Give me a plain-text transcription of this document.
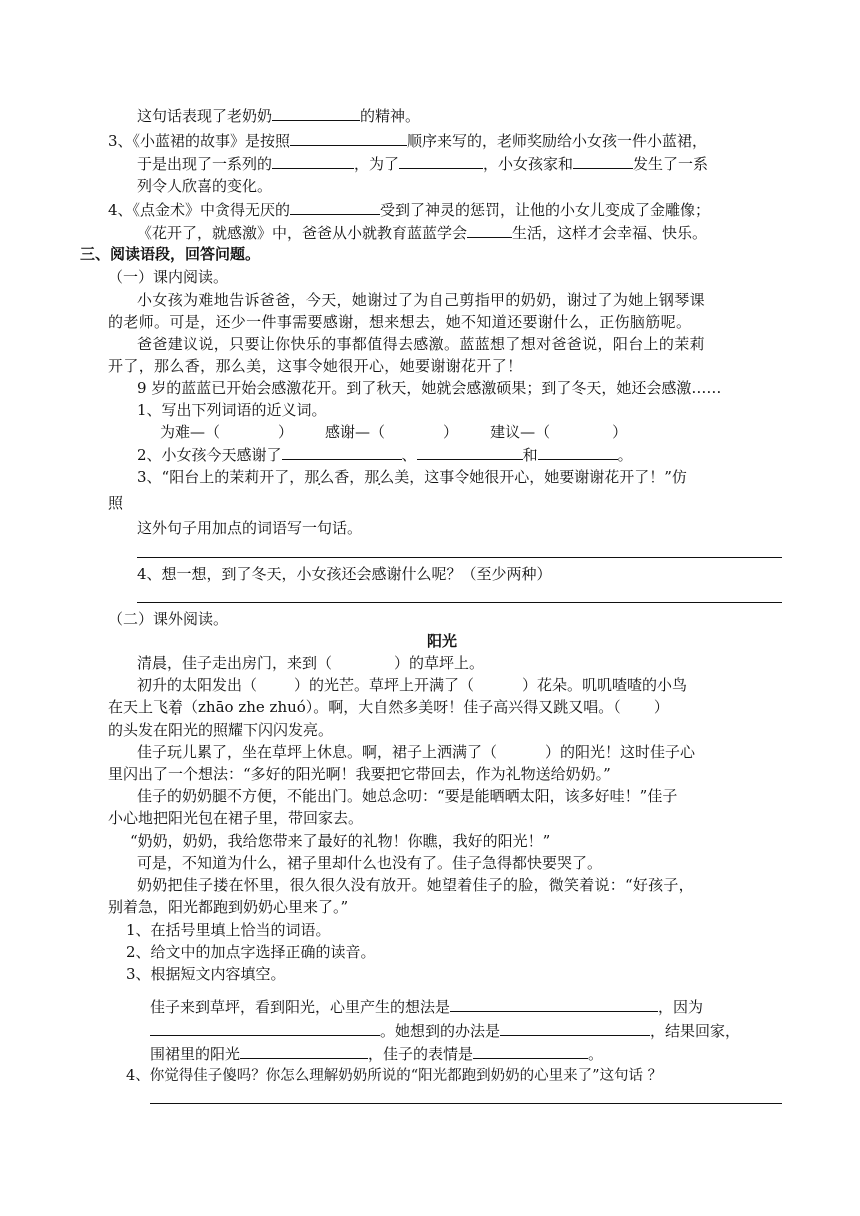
这句话表现了老奶奶	的精神。
3、《小蓝裙的故事》是按照	顺序来写的，老师奖励给小女孩一件小蓝裙，
于是出现了一系列的	，为了	，小女孩家和	发生了一系
列令人欣喜的变化。
4、《点金术》中贪得无厌的	受到了神灵的惩罚，让他的小女儿变成了金雕像；
《花开了，就感激》中，爸爸从小就教育蓝蓝学会	生活，这样才会幸福、快乐。
三、阅读语段，回答问题。
（一）课内阅读。
小女孩为难地告诉爸爸，今天，她谢过了为自己剪指甲的奶奶，谢过了为她上钢琴课
的老师。可是，还少一件事需要感谢，想来想去，她不知道还要谢什么，正伤脑筋呢。
爸爸建议说，只要让你快乐的事都值得去感激。蓝蓝想了想对爸爸说，阳台上的茉莉
开了，那么香，那么美，这事令她很开心，她要谢谢花开了！
9 岁的蓝蓝已开始会感激花开。到了秋天，她就会感激硕果；到了冬天，她还会感激……
1、写出下列词语的近义词。
为难—（	） 感谢—（	） 建议—（	）
2、小女孩今天感谢了	、	和	。
3、“阳台上的茉莉开了，那么香，那么美，这事令她很开心，她要谢谢花开了！”仿
照
这外句子用加点的词语写一句话。
4、想一想，到了冬天，小女孩还会感谢什么呢？（至少两种）
（二）课外阅读。
阳光
清晨，佳子走出房门，来到（	）的草坪上。
初升的太阳发出（ ）的光芒。草坪上开满了（	）花朵。叽叽喳喳的小鸟
在天上飞着（zhāo zhe zhuó）。啊，大自然多美呀！佳子高兴得又跳又唱。（ ）
的头发在阳光的照耀下闪闪发亮。
佳子玩儿累了，坐在草坪上休息。啊，裙子上洒满了（	）的阳光！这时佳子心
里闪出了一个想法：“多好的阳光啊！我要把它带回去，作为礼物送给奶奶。”
佳子的奶奶腿不方便，不能出门。她总念叨：“要是能晒晒太阳，该多好哇！”佳子
小心地把阳光包在裙子里，带回家去。
“奶奶，奶奶，我给您带来了最好的礼物！你瞧，我好的阳光！”
可是，不知道为什么，裙子里却什么也没有了。佳子急得都快要哭了。
奶奶把佳子搂在怀里，很久很久没有放开。她望着佳子的脸，微笑着说：“好孩子，
别着急，阳光都跑到奶奶心里来了。”
1、在括号里填上恰当的词语。
2、给文中的加点字选择正确的读音。
3、根据短文内容填空。
佳子来到草坪，看到阳光，心里产生的想法是	，因为
。她想到的办法是	，结果回家，
围裙里的阳光	，佳子的表情是	。
4、你觉得佳子傻吗？你怎么理解奶奶所说的“阳光都跑到奶奶的心里来了”这句话 ？
